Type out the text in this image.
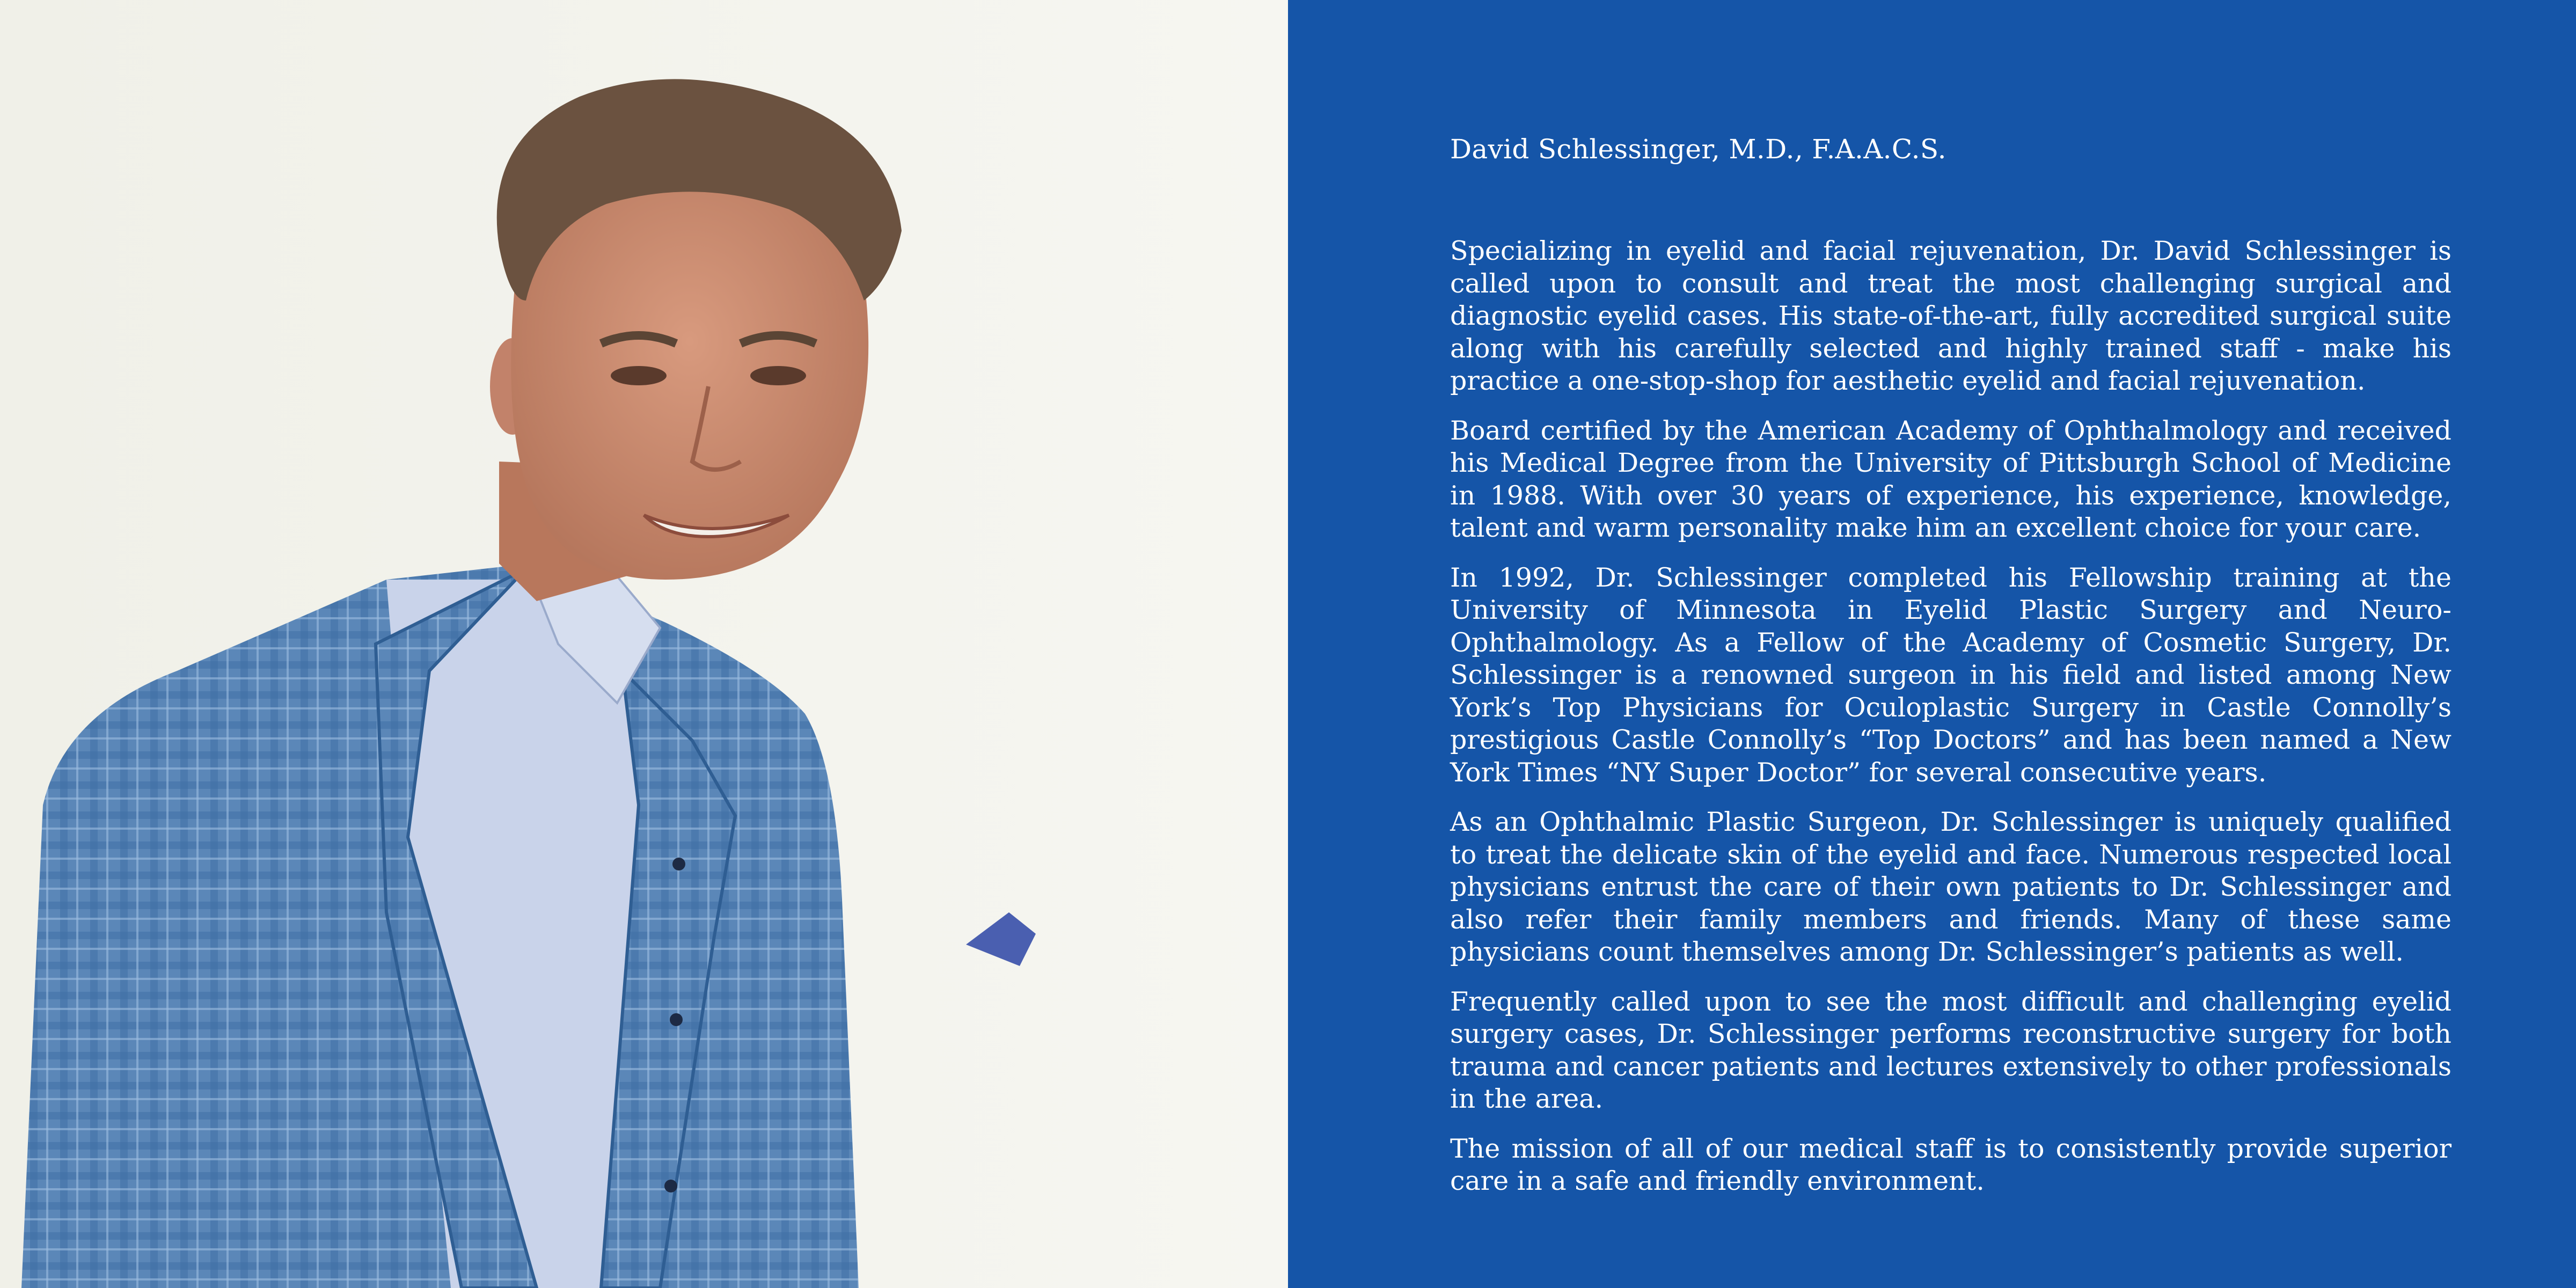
David Schlessinger, M.D., F.A.A.C.S.

Specializing in eyelid and facial rejuvenation, Dr. David Schlessinger is called upon to consult and treat the most challenging surgical and diagnostic eyelid cases. His state-of-the-art, fully accredited surgical suite along with his carefully selected and highly trained staff - make his practice a one-stop-shop for aesthetic eyelid and facial rejuvenation.

Board certified by the American Academy of Ophthalmology and received his Medical Degree from the University of Pittsburgh School of Medicine in 1988. With over 30 years of experience, his experience, knowledge, talent and warm personality make him an excellent choice for your care.

In 1992, Dr. Schlessinger completed his Fellowship training at the University of Minnesota in Eyelid Plastic Surgery and Neuro-Ophthalmology. As a Fellow of the Academy of Cosmetic Surgery, Dr. Schlessinger is a renowned surgeon in his field and listed among New York’s Top Physicians for Oculoplastic Surgery in Castle Connolly’s prestigious Castle Connolly’s “Top Doctors” and has been named a New York Times “NY Super Doctor” for several consecutive years.

As an Ophthalmic Plastic Surgeon, Dr. Schlessinger is uniquely qualified to treat the delicate skin of the eyelid and face. Numerous respected local physicians entrust the care of their own patients to Dr. Schlessinger and also refer their family members and friends. Many of these same physicians count themselves among Dr. Schlessinger’s patients as well.

Frequently called upon to see the most difficult and challenging eyelid surgery cases, Dr. Schlessinger performs reconstructive surgery for both trauma and cancer patients and lectures extensively to other professionals in the area.

The mission of all of our medical staff is to consistently provide superior care in a safe and friendly environment.
